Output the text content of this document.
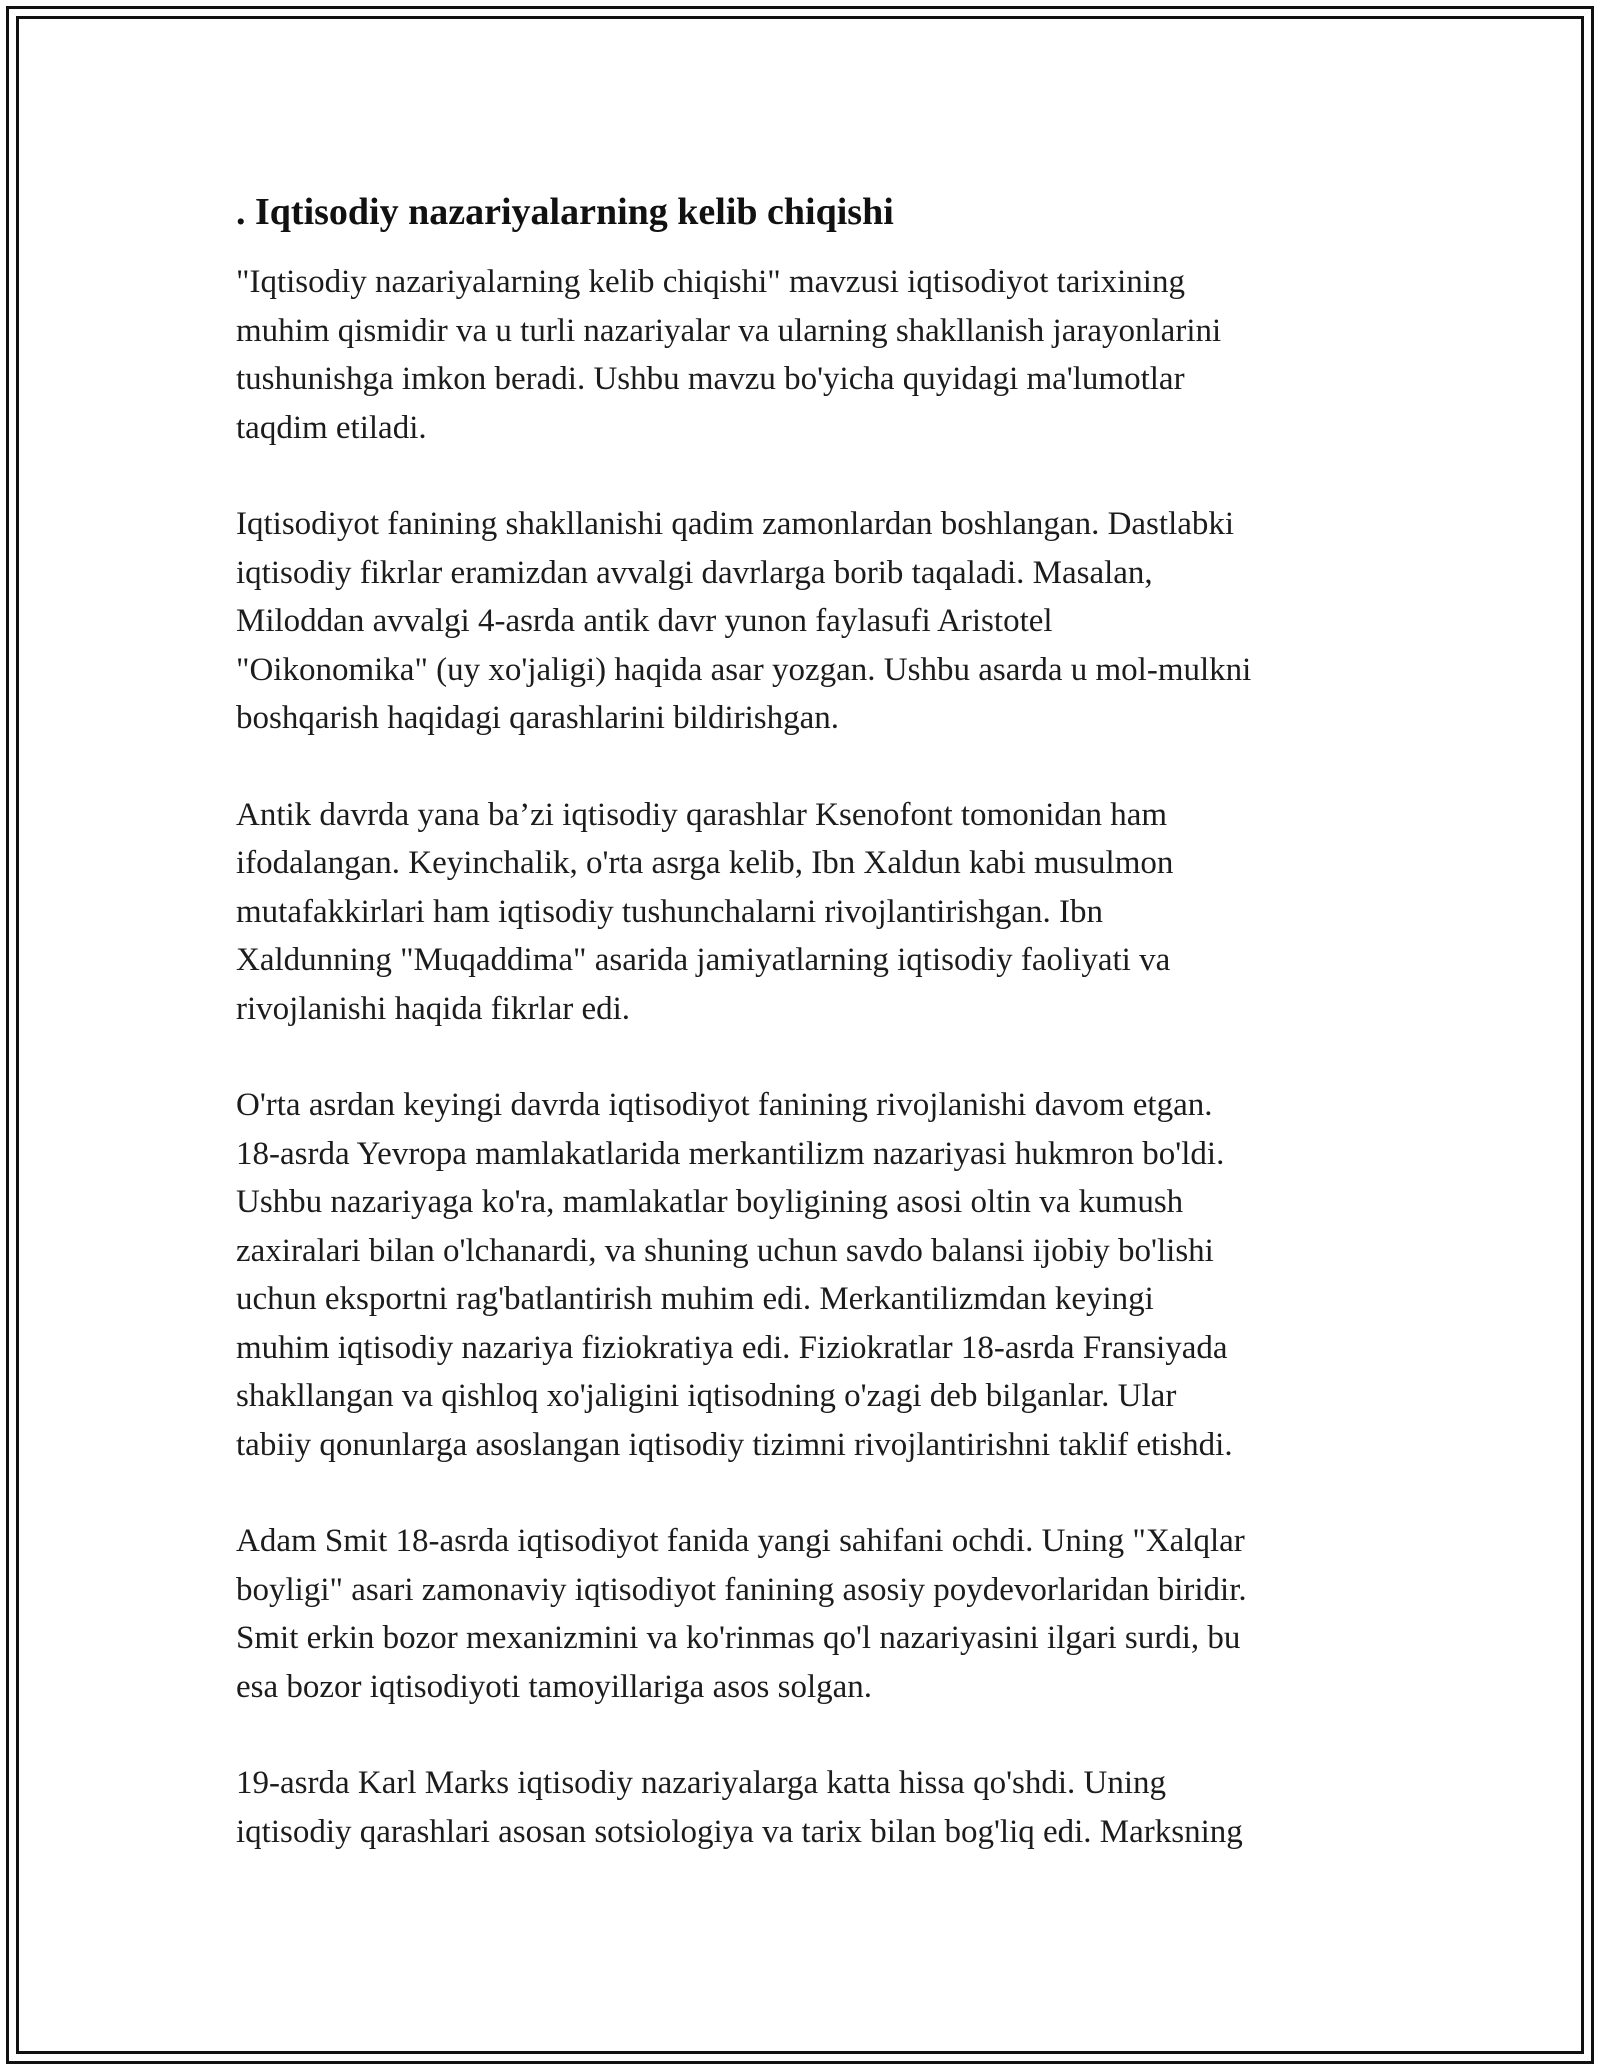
. Iqtisodiy nazariyalarning kelib chiqishi

"Iqtisodiy nazariyalarning kelib chiqishi" mavzusi iqtisodiyot tarixining
muhim qismidir va u turli nazariyalar va ularning shakllanish jarayonlarini
tushunishga imkon beradi. Ushbu mavzu bo'yicha quyidagi ma'lumotlar
taqdim etiladi.

Iqtisodiyot fanining shakllanishi qadim zamonlardan boshlangan. Dastlabki
iqtisodiy fikrlar eramizdan avvalgi davrlarga borib taqaladi. Masalan,
Miloddan avvalgi 4-asrda antik davr yunon faylasufi Aristotel
"Oikonomika" (uy xo'jaligi) haqida asar yozgan. Ushbu asarda u mol-mulkni
boshqarish haqidagi qarashlarini bildirishgan.

Antik davrda yana ba’zi iqtisodiy qarashlar Ksenofont tomonidan ham
ifodalangan. Keyinchalik, o'rta asrga kelib, Ibn Xaldun kabi musulmon
mutafakkirlari ham iqtisodiy tushunchalarni rivojlantirishgan. Ibn
Xaldunning "Muqaddima" asarida jamiyatlarning iqtisodiy faoliyati va
rivojlanishi haqida fikrlar edi.

O'rta asrdan keyingi davrda iqtisodiyot fanining rivojlanishi davom etgan.
18-asrda Yevropa mamlakatlarida merkantilizm nazariyasi hukmron bo'ldi.
Ushbu nazariyaga ko'ra, mamlakatlar boyligining asosi oltin va kumush
zaxiralari bilan o'lchanardi, va shuning uchun savdo balansi ijobiy bo'lishi
uchun eksportni rag'batlantirish muhim edi. Merkantilizmdan keyingi
muhim iqtisodiy nazariya fiziokratiya edi. Fiziokratlar 18-asrda Fransiyada
shakllangan va qishloq xo'jaligini iqtisodning o'zagi deb bilganlar. Ular
tabiiy qonunlarga asoslangan iqtisodiy tizimni rivojlantirishni taklif etishdi.

Adam Smit 18-asrda iqtisodiyot fanida yangi sahifani ochdi. Uning "Xalqlar
boyligi" asari zamonaviy iqtisodiyot fanining asosiy poydevorlaridan biridir.
Smit erkin bozor mexanizmini va ko'rinmas qo'l nazariyasini ilgari surdi, bu
esa bozor iqtisodiyoti tamoyillariga asos solgan.

19-asrda Karl Marks iqtisodiy nazariyalarga katta hissa qo'shdi. Uning
iqtisodiy qarashlari asosan sotsiologiya va tarix bilan bog'liq edi. Marksning
